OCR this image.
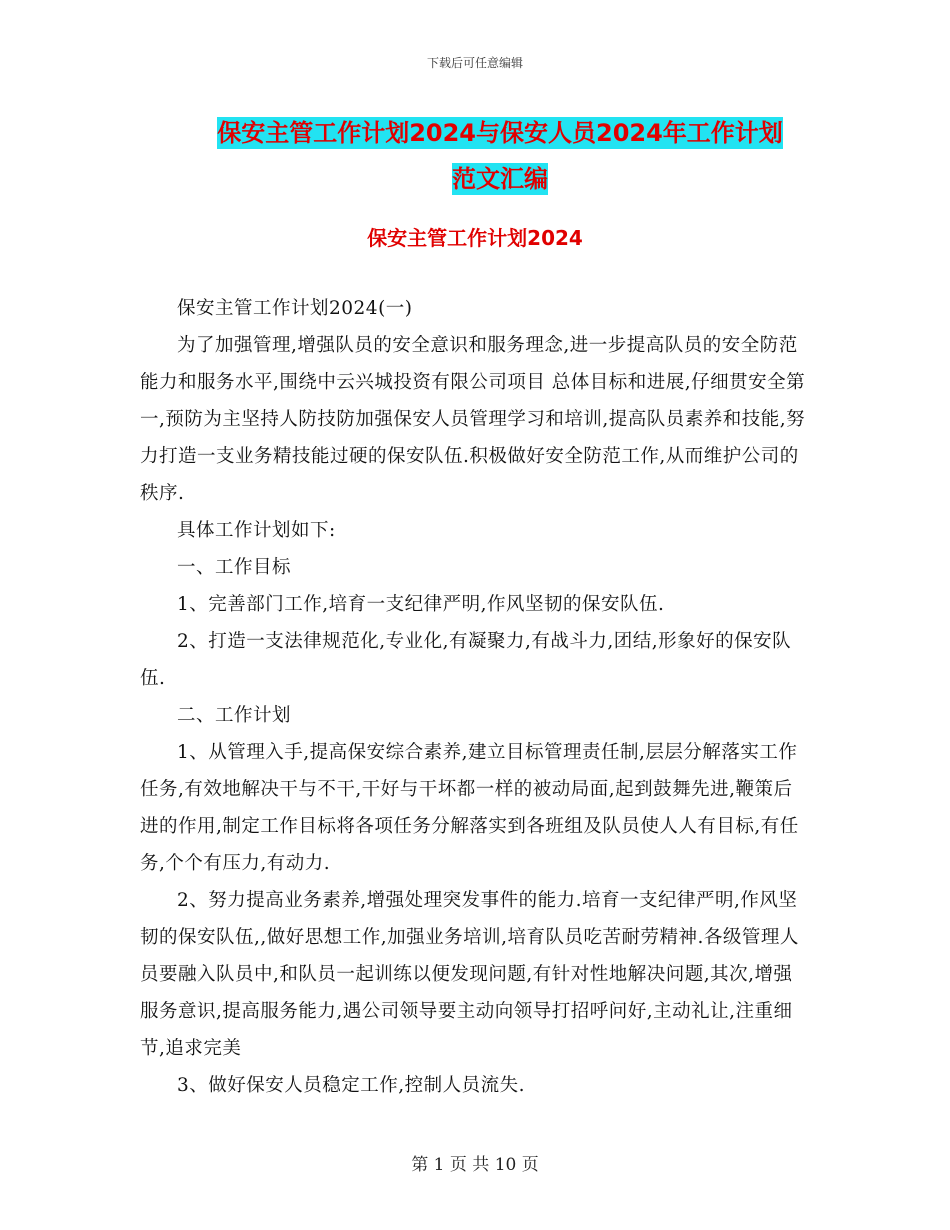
下载后可任意编辑
保安主管工作计划2024与保安人员2024年工作计划
范文汇编
保安主管工作计划2024

保安主管工作计划2024(一)

为了加强管理,增强队员的安全意识和服务理念,进一步提高队员的安全防范能力和服务水平,围绕中云兴城投资有限公司项目 总体目标和进展,仔细贯安全第一,预防为主坚持人防技防加强保安人员管理学习和培训,提高队员素养和技能,努力打造一支业务精技能过硬的保安队伍.积极做好安全防范工作,从而维护公司的秩序.

具体工作计划如下:

一、工作目标

1、完善部门工作,培育一支纪律严明,作风坚韧的保安队伍.

2、打造一支法律规范化,专业化,有凝聚力,有战斗力,团结,形象好的保安队伍.

二、工作计划

1、从管理入手,提高保安综合素养,建立目标管理责任制,层层分解落实工作任务,有效地解决干与不干,干好与干坏都一样的被动局面,起到鼓舞先进,鞭策后进的作用,制定工作目标将各项任务分解落实到各班组及队员使人人有目标,有任务,个个有压力,有动力.

2、努力提高业务素养,增强处理突发事件的能力.培育一支纪律严明,作风坚韧的保安队伍,,做好思想工作,加强业务培训,培育队员吃苦耐劳精神.各级管理人员要融入队员中,和队员一起训练以便发现问题,有针对性地解决问题,其次,增强服务意识,提高服务能力,遇公司领导要主动向领导打招呼问好,主动礼让,注重细节,追求完美

3、做好保安人员稳定工作,控制人员流失.

第 1 页 共 10 页
